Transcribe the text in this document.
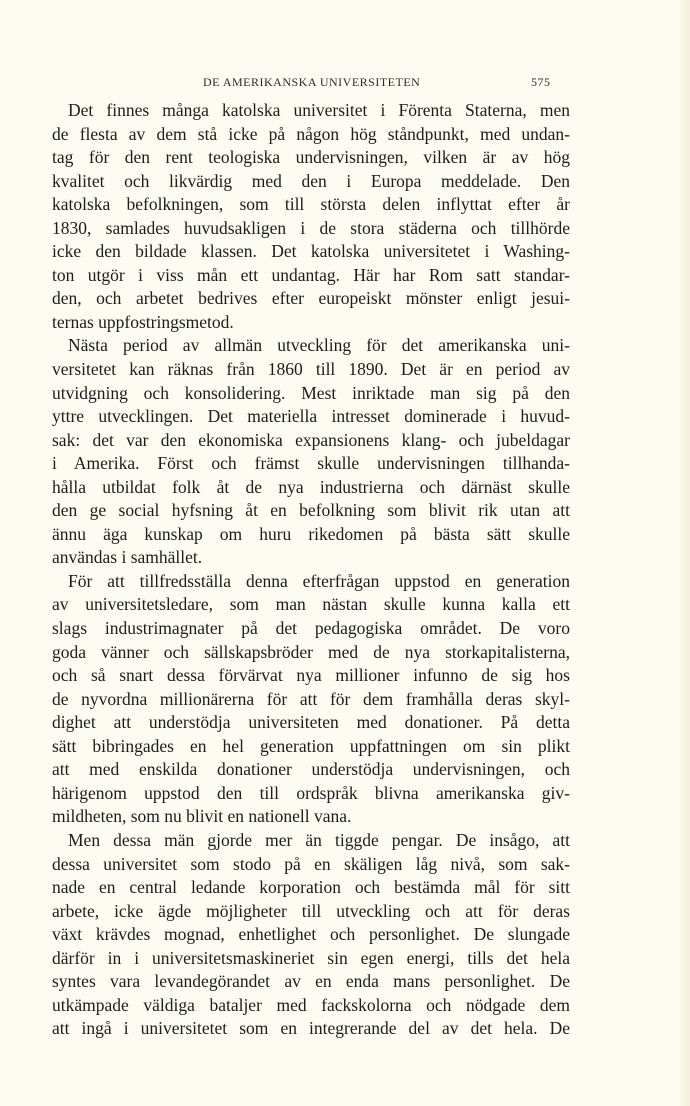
DE AMERIKANSKA UNIVERSITETEN	575
Det finnes många katolska universitet i Förenta Staterna, men
de flesta av dem stå icke på någon hög ståndpunkt, med undan-
tag för den rent teologiska undervisningen, vilken är av hög
kvalitet och likvärdig med den i Europa meddelade. Den
katolska befolkningen, som till största delen inflyttat efter år
1830, samlades huvudsakligen i de stora städerna och tillhörde
icke den bildade klassen. Det katolska universitetet i Washing-
ton utgör i viss mån ett undantag. Här har Rom satt standar-
den, och arbetet bedrives efter europeiskt mönster enligt jesui-
ternas uppfostringsmetod.
Nästa period av allmän utveckling för det amerikanska uni-
versitetet kan räknas från 1860 till 1890. Det är en period av
utvidgning och konsolidering. Mest inriktade man sig på den
yttre utvecklingen. Det materiella intresset dominerade i huvud-
sak: det var den ekonomiska expansionens klang- och jubeldagar
i Amerika. Först och främst skulle undervisningen tillhanda-
hålla utbildat folk åt de nya industrierna och därnäst skulle
den ge social hyfsning åt en befolkning som blivit rik utan att
ännu äga kunskap om huru rikedomen på bästa sätt skulle
användas i samhället.
För att tillfredsställa denna efterfrågan uppstod en generation
av universitetsledare, som man nästan skulle kunna kalla ett
slags industrimagnater på det pedagogiska området. De voro
goda vänner och sällskapsbröder med de nya storkapitalisterna,
och så snart dessa förvärvat nya millioner infunno de sig hos
de nyvordna millionärerna för att för dem framhålla deras skyl-
dighet att understödja universiteten med donationer. På detta
sätt bibringades en hel generation uppfattningen om sin plikt
att med enskilda donationer understödja undervisningen, och
härigenom uppstod den till ordspråk blivna amerikanska giv-
mildheten, som nu blivit en nationell vana.
Men dessa män gjorde mer än tiggde pengar. De insågo, att
dessa universitet som stodo på en skäligen låg nivå, som sak-
nade en central ledande korporation och bestämda mål för sitt
arbete, icke ägde möjligheter till utveckling och att för deras
växt krävdes mognad, enhetlighet och personlighet. De slungade
därför in i universitetsmaskineriet sin egen energi, tills det hela
syntes vara levandegörandet av en enda mans personlighet. De
utkämpade väldiga bataljer med fackskolorna och nödgade dem
att ingå i universitetet som en integrerande del av det hela. De
